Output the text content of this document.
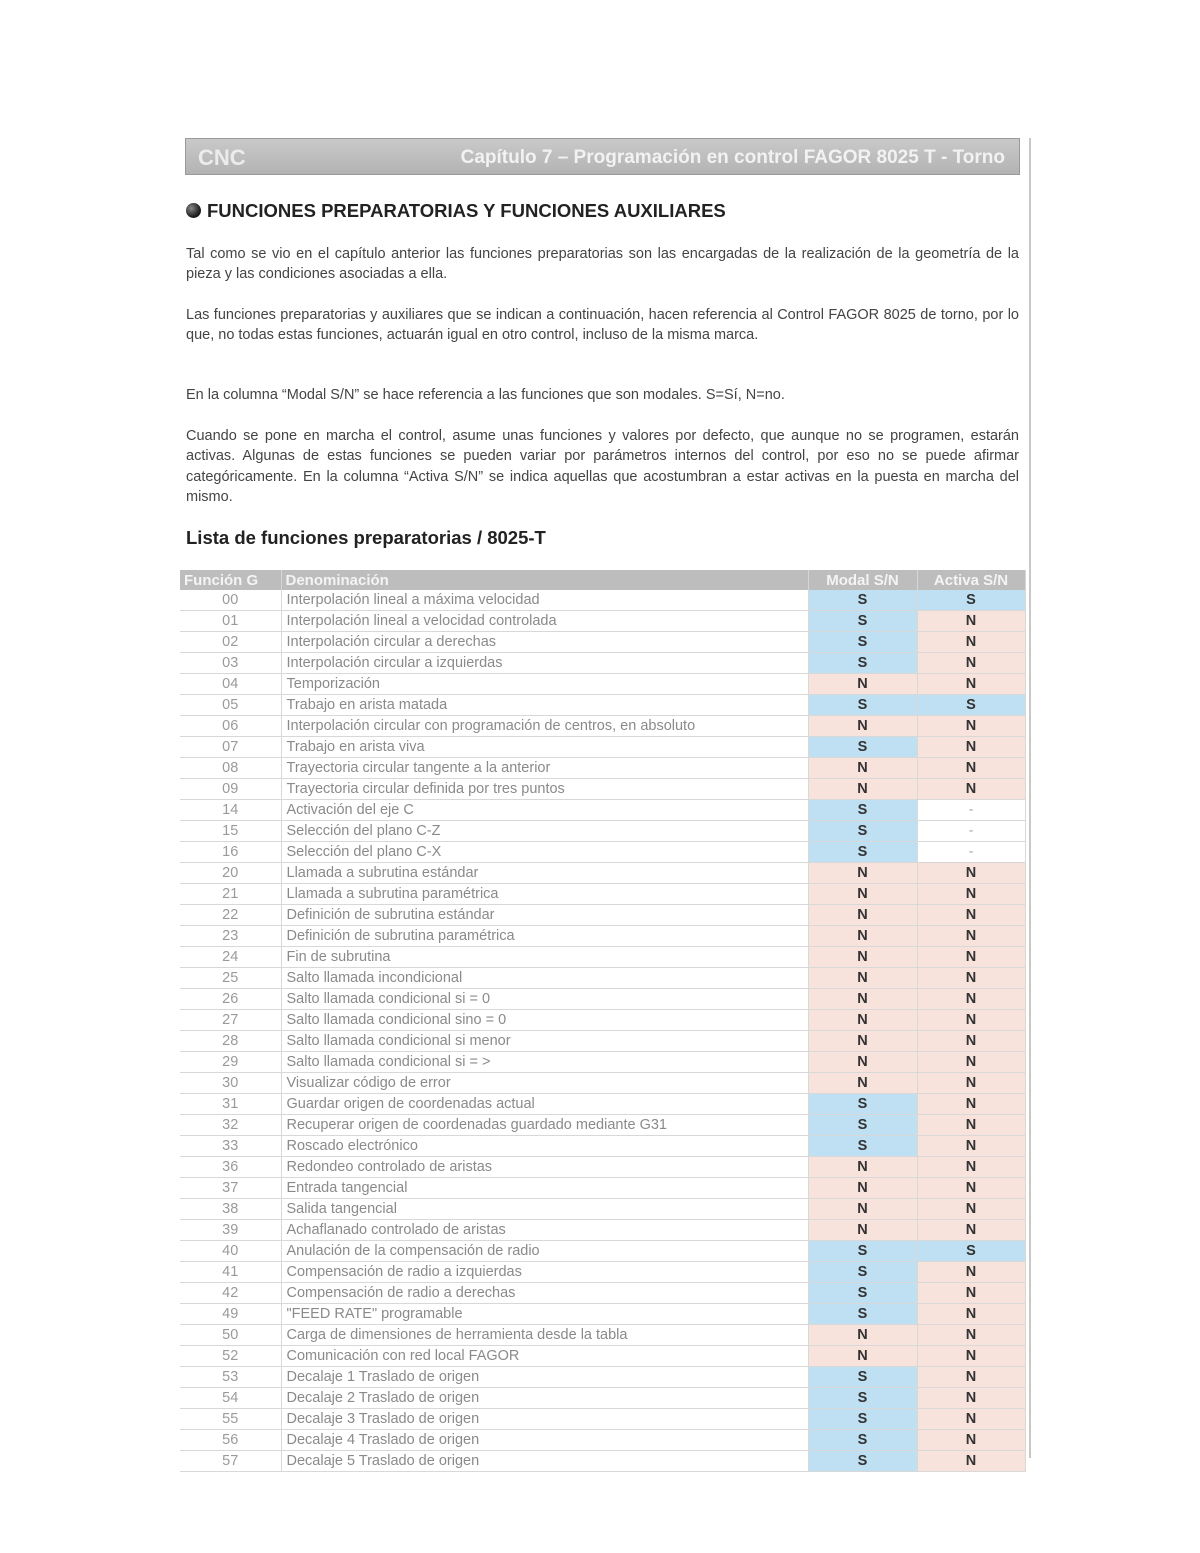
CNC	Capítulo 7 – Programación en control FAGOR 8025 T - Torno
FUNCIONES PREPARATORIAS Y FUNCIONES AUXILIARES
Tal como se vio en el capítulo anterior las funciones preparatorias son las encargadas de la realización de la geometría de la pieza y las condiciones asociadas a ella.
Las funciones preparatorias y auxiliares que se indican a continuación, hacen referencia al Control FAGOR 8025 de torno, por lo que, no todas estas funciones, actuarán igual en otro control, incluso de la misma marca.
En la columna “Modal S/N” se hace referencia a las funciones que son modales. S=Sí, N=no.
Cuando se pone en marcha el control, asume unas funciones y valores por defecto, que aunque no se programen, estarán activas. Algunas de estas funciones se pueden variar por parámetros internos del control, por eso no se puede afirmar categóricamente. En la columna “Activa S/N” se indica aquellas que acostumbran a estar activas en la puesta en marcha del mismo.
Lista de funciones preparatorias / 8025-T
Función G	Denominación	Modal S/N	Activa S/N
00	Interpolación lineal a máxima velocidad	S	S
01	Interpolación lineal a velocidad controlada	S	N
02	Interpolación circular a derechas	S	N
03	Interpolación circular a izquierdas	S	N
04	Temporización	N	N
05	Trabajo en arista matada	S	S
06	Interpolación circular con programación de centros, en absoluto	N	N
07	Trabajo en arista viva	S	N
08	Trayectoria circular tangente a la anterior	N	N
09	Trayectoria circular definida por tres puntos	N	N
14	Activación del eje C	S	-
15	Selección del plano C-Z	S	-
16	Selección del plano C-X	S	-
20	Llamada a subrutina estándar	N	N
21	Llamada a subrutina paramétrica	N	N
22	Definición de subrutina estándar	N	N
23	Definición de subrutina paramétrica	N	N
24	Fin de subrutina	N	N
25	Salto llamada incondicional	N	N
26	Salto llamada condicional si = 0	N	N
27	Salto llamada condicional sino = 0	N	N
28	Salto llamada condicional si menor	N	N
29	Salto llamada condicional si = >	N	N
30	Visualizar código de error	N	N
31	Guardar origen de coordenadas actual	S	N
32	Recuperar origen de coordenadas guardado mediante G31	S	N
33	Roscado electrónico	S	N
36	Redondeo controlado de aristas	N	N
37	Entrada tangencial	N	N
38	Salida tangencial	N	N
39	Achaflanado controlado de aristas	N	N
40	Anulación de la compensación de radio	S	S
41	Compensación de radio a izquierdas	S	N
42	Compensación de radio a derechas	S	N
49	"FEED RATE" programable	S	N
50	Carga de dimensiones de herramienta desde la tabla	N	N
52	Comunicación con red local FAGOR	N	N
53	Decalaje 1 Traslado de origen	S	N
54	Decalaje 2 Traslado de origen	S	N
55	Decalaje 3 Traslado de origen	S	N
56	Decalaje 4 Traslado de origen	S	N
57	Decalaje 5 Traslado de origen	S	N
